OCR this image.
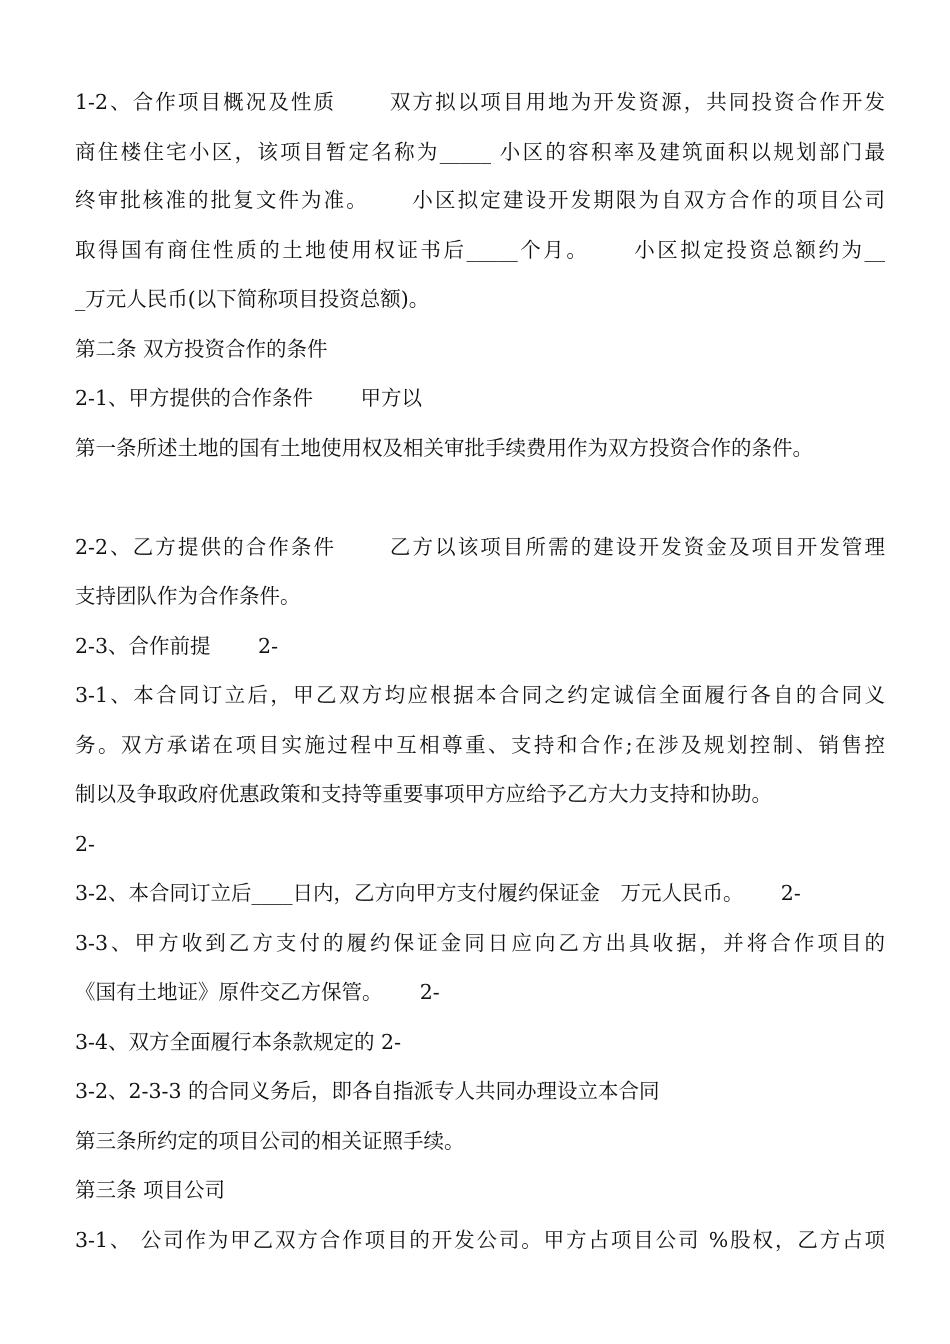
1-2、合作项目概况及性质　　 双方拟以项目用地为开发资源，共同投资合作开发
商住楼住宅小区，该项目暂定名称为_____ 小区的容积率及建筑面积以规划部门最
终审批核准的批复文件为准。　　 小区拟定建设开发期限为自双方合作的项目公司
取得国有商住性质的土地使用权证书后_____个月。　　 小区拟定投资总额约为__
_万元人民币(以下简称项目投资总额)。
第二条 双方投资合作的条件
2-1、甲方提供的合作条件　　 甲方以
第一条所述土地的国有土地使用权及相关审批手续费用作为双方投资合作的条件。
2-2、乙方提供的合作条件　　 乙方以该项目所需的建设开发资金及项目开发管理
支持团队作为合作条件。
2-3、合作前提　　 2-
3-1、本合同订立后，甲乙双方均应根据本合同之约定诚信全面履行各自的合同义
务。双方承诺在项目实施过程中互相尊重、支持和合作;在涉及规划控制、销售控
制以及争取政府优惠政策和支持等重要事项甲方应给予乙方大力支持和协助。
2-
3-2、本合同订立后____日内，乙方向甲方支付履约保证金　万元人民币。　　 2-
3-3、甲方收到乙方支付的履约保证金同日应向乙方出具收据，并将合作项目的
《国有土地证》原件交乙方保管。　　 2-
3-4、双方全面履行本条款规定的 2-
3-2、2-3-3 的合同义务后，即各自指派专人共同办理设立本合同
第三条所约定的项目公司的相关证照手续。
第三条 项目公司
3-1、 公司作为甲乙双方合作项目的开发公司。甲方占项目公司 %股权，乙方占项
